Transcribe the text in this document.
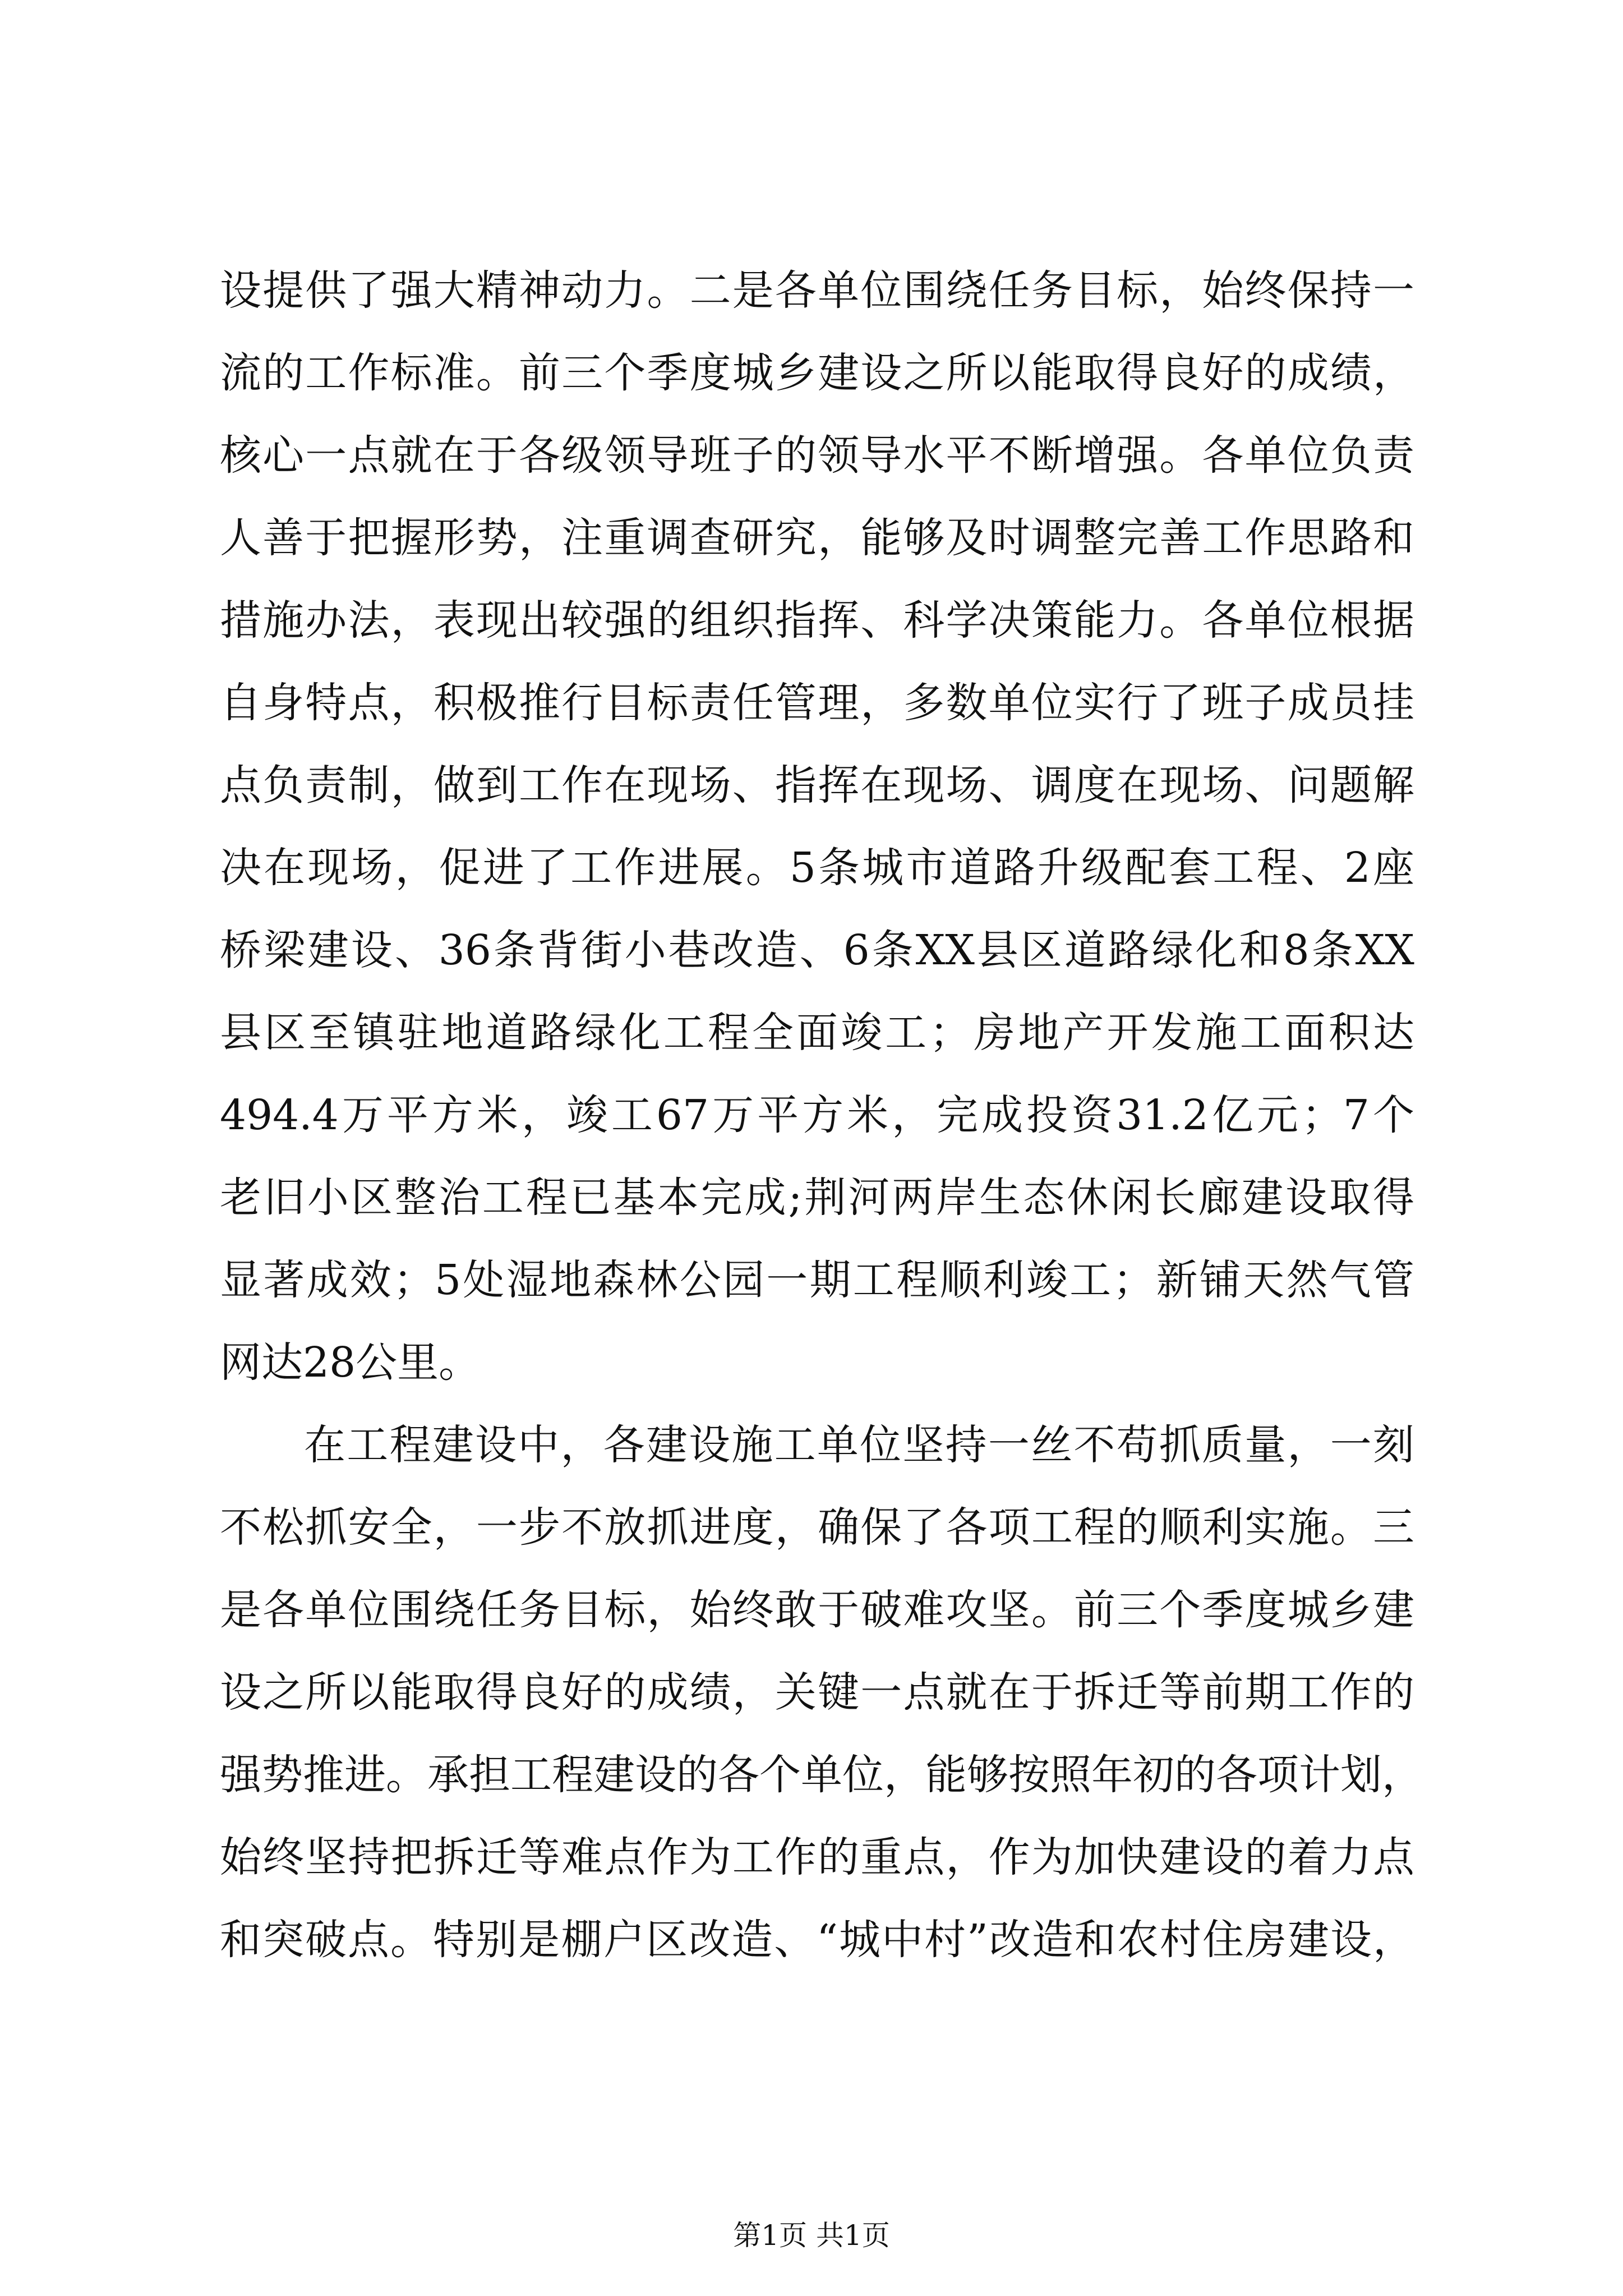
设提供了强大精神动力。二是各单位围绕任务目标，始终保持一
流的工作标准。前三个季度城乡建设之所以能取得良好的成绩，
核心一点就在于各级领导班子的领导水平不断增强。各单位负责
人善于把握形势，注重调查研究，能够及时调整完善工作思路和
措施办法，表现出较强的组织指挥、科学决策能力。各单位根据
自身特点，积极推行目标责任管理，多数单位实行了班子成员挂
点负责制，做到工作在现场、指挥在现场、调度在现场、问题解
决在现场，促进了工作进展。5条城市道路升级配套工程、2座
桥梁建设、36条背街小巷改造、6条XX县区道路绿化和8条XX
县区至镇驻地道路绿化工程全面竣工；房地产开发施工面积达
494.4万平方米，竣工67万平方米，完成投资31.2亿元；7个
老旧小区整治工程已基本完成;荆河两岸生态休闲长廊建设取得
显著成效；5处湿地森林公园一期工程顺利竣工；新铺天然气管
网达28公里。
在工程建设中，各建设施工单位坚持一丝不苟抓质量，一刻
不松抓安全，一步不放抓进度，确保了各项工程的顺利实施。三
是各单位围绕任务目标，始终敢于破难攻坚。前三个季度城乡建
设之所以能取得良好的成绩，关键一点就在于拆迁等前期工作的
强势推进。承担工程建设的各个单位，能够按照年初的各项计划，
始终坚持把拆迁等难点作为工作的重点，作为加快建设的着力点
和突破点。特别是棚户区改造、“城中村”改造和农村住房建设，
第1页 共1页
